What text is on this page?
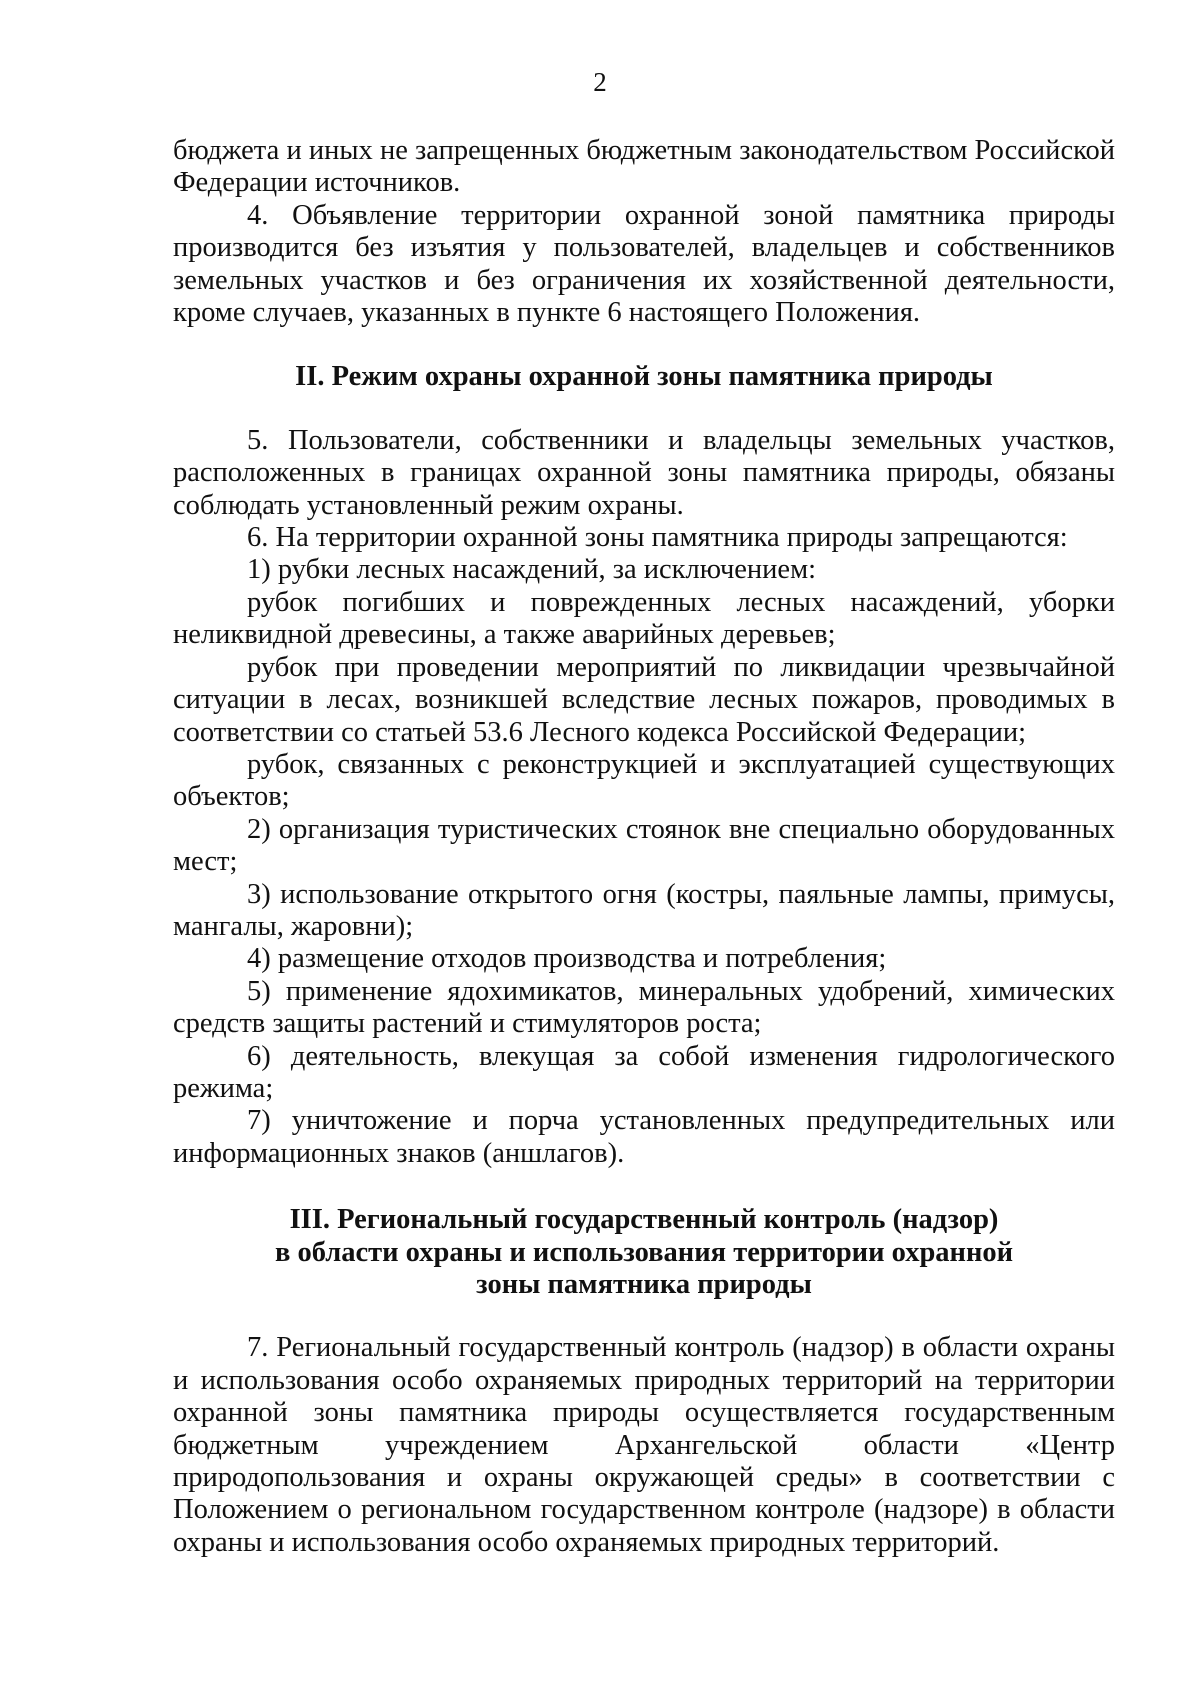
2

бюджета и иных не запрещенных бюджетным законодательством Российской Федерации источников.

4. Объявление территории охранной зоной памятника природы производится без изъятия у пользователей, владельцев и собственников земельных участков и без ограничения их хозяйственной деятельности, кроме случаев, указанных в пункте 6 настоящего Положения.

II. Режим охраны охранной зоны памятника природы

5. Пользователи, собственники и владельцы земельных участков, расположенных в границах охранной зоны памятника природы, обязаны соблюдать установленный режим охраны.

6. На территории охранной зоны памятника природы запрещаются:

1) рубки лесных насаждений, за исключением:

рубок погибших и поврежденных лесных насаждений, уборки неликвидной древесины, а также аварийных деревьев;

рубок при проведении мероприятий по ликвидации чрезвычайной ситуации в лесах, возникшей вследствие лесных пожаров, проводимых в соответствии со статьей 53.6 Лесного кодекса Российской Федерации;

рубок, связанных с реконструкцией и эксплуатацией существующих объектов;

2) организация туристических стоянок вне специально оборудованных мест;

3) использование открытого огня (костры, паяльные лампы, примусы, мангалы, жаровни);

4) размещение отходов производства и потребления;

5) применение ядохимикатов, минеральных удобрений, химических средств защиты растений и стимуляторов роста;

6) деятельность, влекущая за собой изменения гидрологического режима;

7) уничтожение и порча установленных предупредительных или информационных знаков (аншлагов).

III. Региональный государственный контроль (надзор)
в области охраны и использования территории охранной
зоны памятника природы

7. Региональный государственный контроль (надзор) в области охраны и использования особо охраняемых природных территорий на территории охранной зоны памятника природы осуществляется государственным бюджетным учреждением Архангельской области «Центр природопользования и охраны окружающей среды» в соответствии с Положением о региональном государственном контроле (надзоре) в области охраны и использования особо охраняемых природных территорий.
